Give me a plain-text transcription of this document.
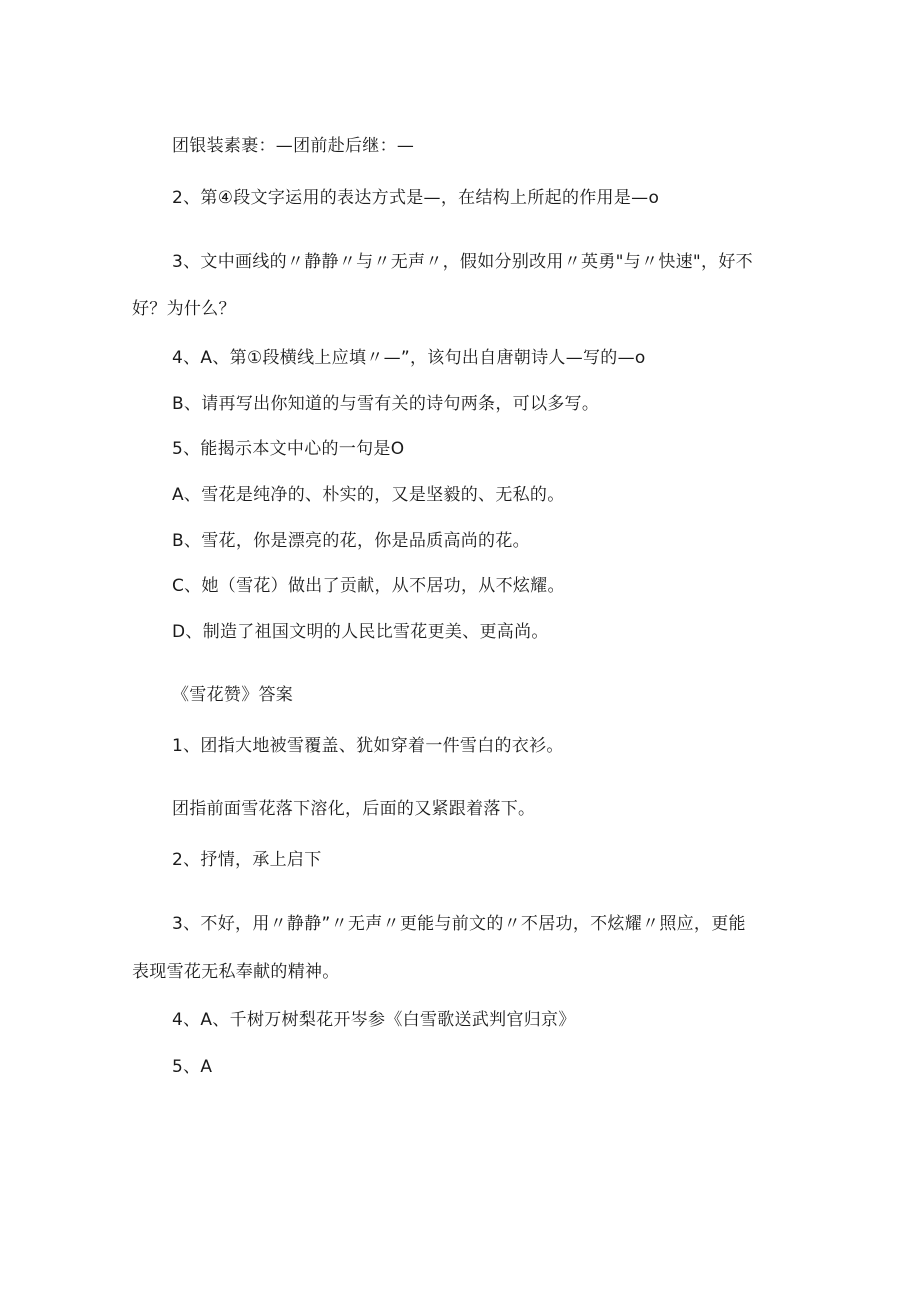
团银装素裹：—团前赴后继：—
2、第④段文字运用的表达方式是—，在结构上所起的作用是—o
3、文中画线的〃静静〃与〃无声〃，假如分别改用〃英勇"与〃快速"，好不
好？为什么？
4、A、第①段横线上应填〃—”，该句出自唐朝诗人—写的—o
B、请再写出你知道的与雪有关的诗句两条，可以多写。
5、能揭示本文中心的一句是O
A、雪花是纯净的、朴实的，又是坚毅的、无私的。
B、雪花，你是漂亮的花，你是品质高尚的花。
C、她（雪花）做出了贡献，从不居功，从不炫耀。
D、制造了祖国文明的人民比雪花更美、更高尚。
《雪花赞》答案
1、团指大地被雪覆盖、犹如穿着一件雪白的衣衫。
团指前面雪花落下溶化，后面的又紧跟着落下。
2、抒情，承上启下
3、不好，用〃静静”〃无声〃更能与前文的〃不居功，不炫耀〃照应，更能
表现雪花无私奉献的精神。
4、A、千树万树梨花开岑参《白雪歌送武判官归京》
5、A
